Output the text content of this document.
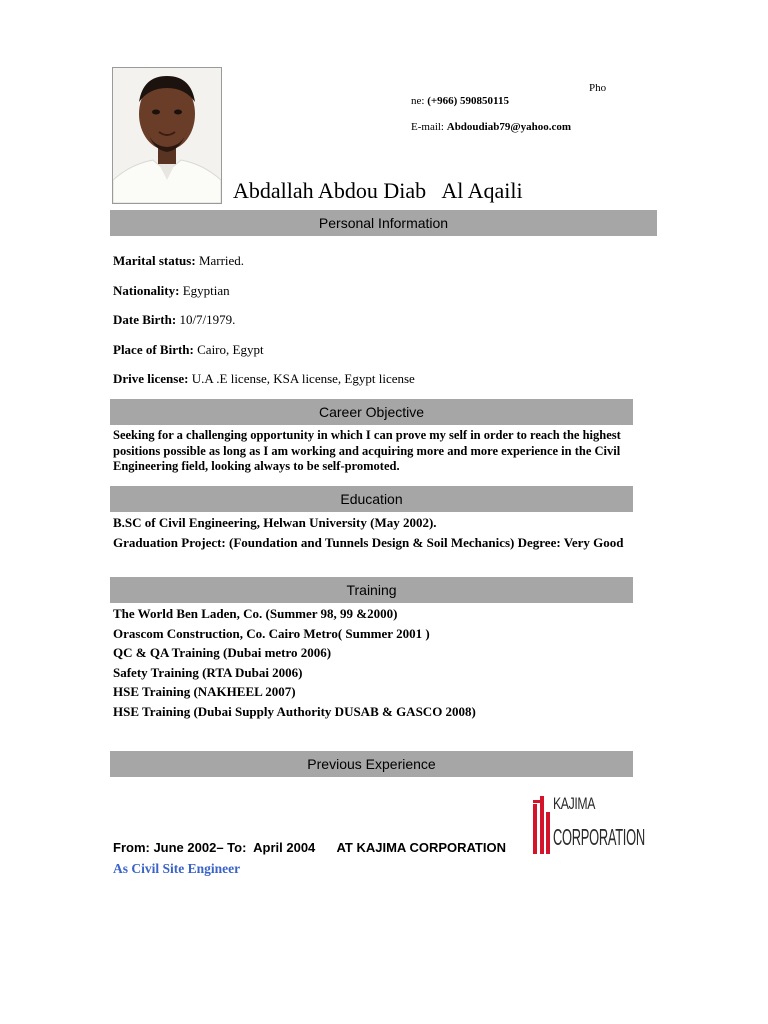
Pho
ne: (+966) 590850115
E-mail: Abdoudiab79@yahoo.com
Abdallah Abdou Diab   Al Aqaili
Personal Information
Marital status: Married.
Nationality: Egyptian
Date Birth: 10/7/1979.
Place of Birth: Cairo, Egypt
Drive license: U.A .E license, KSA license, Egypt license
Career Objective
Seeking for a challenging opportunity in which I can prove my self in order to reach the highest positions possible as long as I am working and acquiring more and more experience in the Civil Engineering field, looking always to be self-promoted.
Education
B.SC of Civil Engineering, Helwan University (May 2002).
Graduation Project: (Foundation and Tunnels Design & Soil Mechanics) Degree: Very Good
Training
The World Ben Laden, Co. (Summer 98, 99 &2000)
Orascom Construction, Co. Cairo Metro( Summer 2001 )
QC & QA Training (Dubai metro 2006)
Safety Training (RTA Dubai 2006)
HSE Training (NAKHEEL 2007)
HSE Training (Dubai Supply Authority DUSAB & GASCO 2008)
Previous Experience
KAJIMA
CORPORATION
From: June 2002– To:  April 2004 AT KAJIMA CORPORATION
As Civil Site Engineer
